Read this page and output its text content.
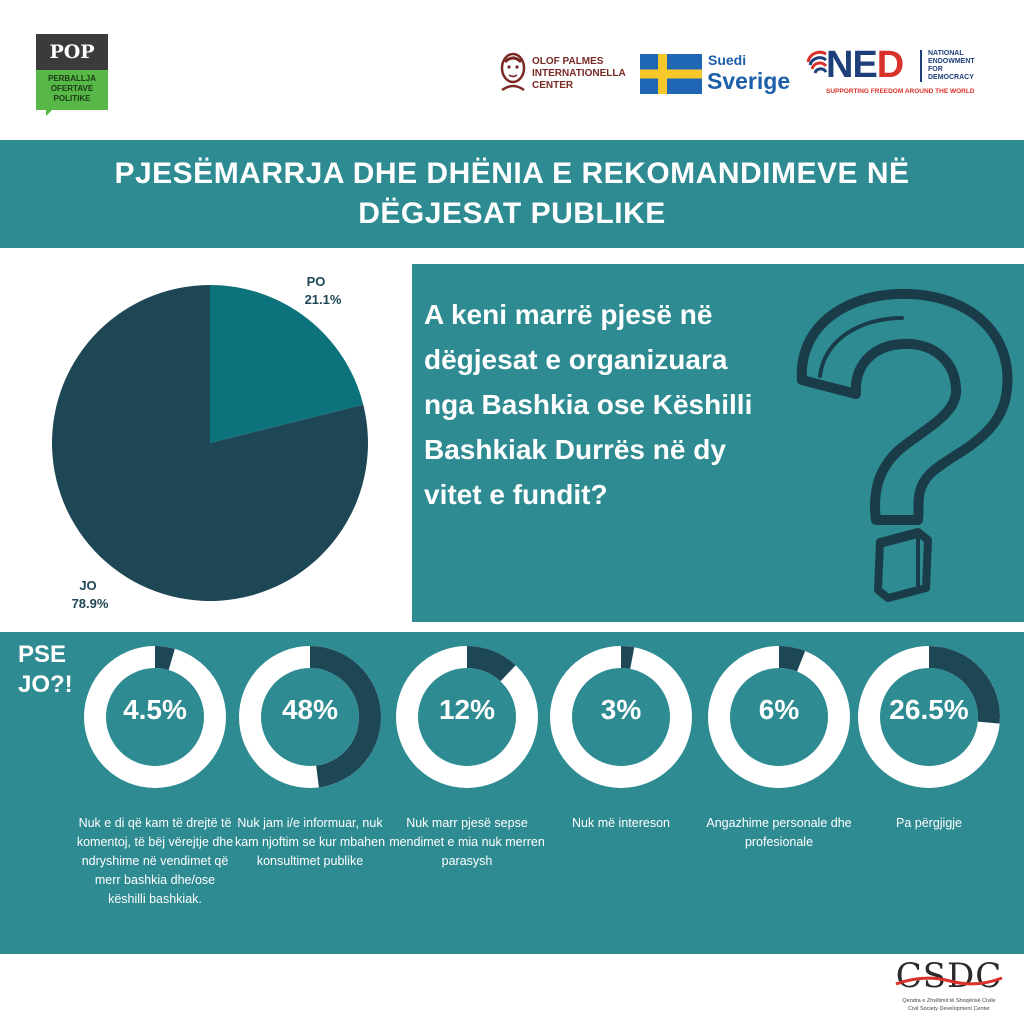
POP
PERBALLJA
OFERTAVE
POLITIKE
OLOF PALMES
INTERNATIONELLA
CENTER
Suedi
Sverige NED	NATIONAL
ENDOWMENT
FOR
DEMOCRACY
SUPPORTING FREEDOM AROUND THE WORLD
PJESËMARRJA DHE DHËNIA E REKOMANDIMEVE NË DËGJESAT PUBLIKE
PO
21.1%
JO
78.9%
A keni marrë pjesë në dëgjesat e organizuara nga Bashkia ose Këshilli Bashkiak Durrës në dy vitet e fundit?
PSE JO?!
4.5%
Nuk e di që kam të drejtë të komentoj, të bëj vërejtje dhe ndryshime në vendimet që merr bashkia dhe/ose këshilli bashkiak.
48%
Nuk jam i/e informuar, nuk kam njoftim se kur mbahen konsultimet publike
12%
Nuk marr pjesë sepse mendimet e mia nuk merren parasysh
3%
Nuk më intereson
6%
Angazhime personale dhe profesionale
26.5%
Pa përgjigje
CSDC
Qendra e Zhvillimit të Shoqërisë Civile
Civil Society Development Center
